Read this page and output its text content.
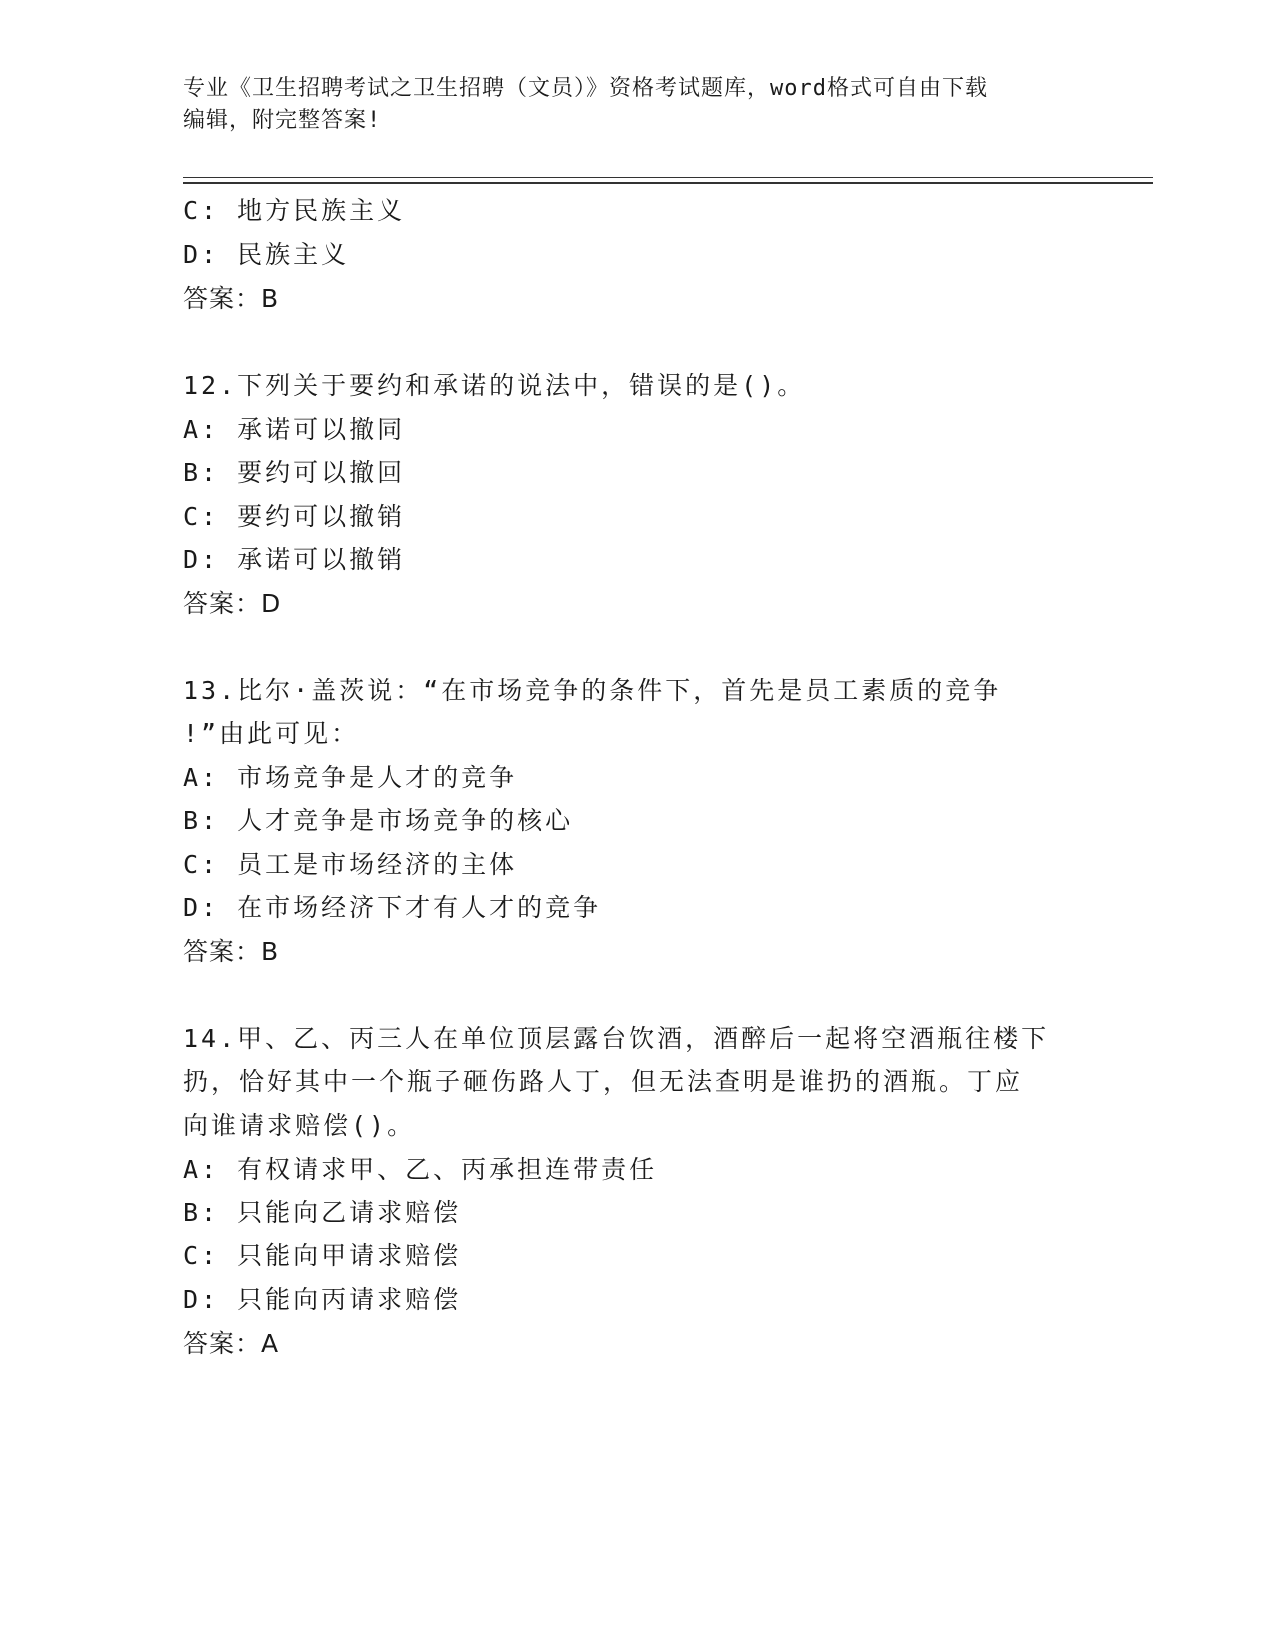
专业《卫生招聘考试之卫生招聘（文员）》资格考试题库，word格式可自由下载
编辑，附完整答案!
C: 地方民族主义
D: 民族主义
答案：B
12.下列关于要约和承诺的说法中，错误的是()。
A: 承诺可以撤同
B: 要约可以撤回
C: 要约可以撤销
D: 承诺可以撤销
答案：D
13.比尔·盖茨说：“在市场竞争的条件下，首先是员工素质的竞争
!”由此可见：
A: 市场竞争是人才的竞争
B: 人才竞争是市场竞争的核心
C: 员工是市场经济的主体
D: 在市场经济下才有人才的竞争
答案：B
14.甲、乙、丙三人在单位顶层露台饮酒，酒醉后一起将空酒瓶往楼下
扔，恰好其中一个瓶子砸伤路人丁，但无法查明是谁扔的酒瓶。丁应
向谁请求赔偿()。
A: 有权请求甲、乙、丙承担连带责任
B: 只能向乙请求赔偿
C: 只能向甲请求赔偿
D: 只能向丙请求赔偿
答案：A
